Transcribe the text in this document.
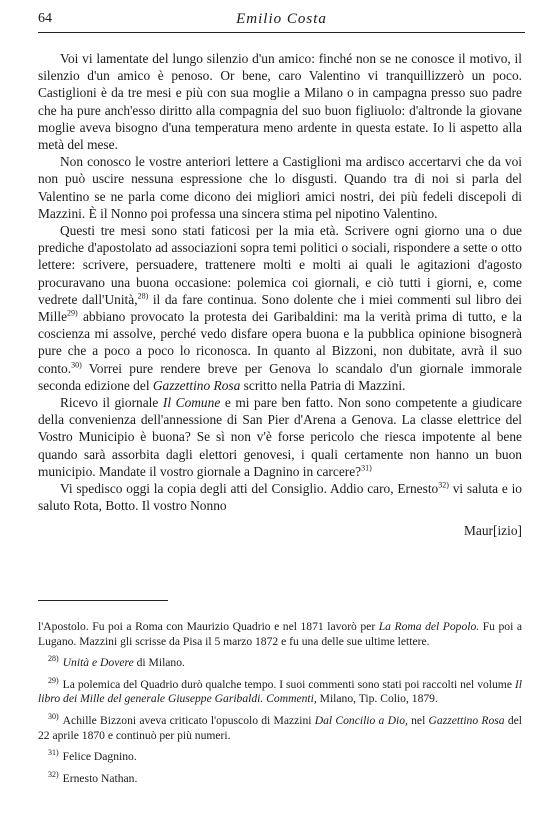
64	Emilio Costa

Voi vi lamentate del lungo silenzio d'un amico: finché non se ne conosce il motivo, il silenzio d'un amico è penoso. Or bene, caro Valentino vi tranquillizzerò un poco. Castiglioni è da tre mesi e più con sua moglie a Milano o in campagna presso suo padre che ha pure anch'esso diritto alla compagnia del suo buon figliuolo: d'altronde la giovane moglie aveva bisogno d'una temperatura meno ardente in questa estate. Io li aspetto alla metà del mese.

Non conosco le vostre anteriori lettere a Castiglioni ma ardisco accertarvi che da voi non può uscire nessuna espressione che lo disgusti. Quando tra di noi si parla del Valentino se ne parla come dicono dei migliori amici nostri, dei più fedeli discepoli di Mazzini. È il Nonno poi professa una sincera stima pel nipotino Valentino.

Questi tre mesi sono stati faticosi per la mia età. Scrivere ogni giorno una o due prediche d'apostolato ad associazioni sopra temi politici o sociali, rispondere a sette o otto lettere: scrivere, persuadere, trattenere molti e molti ai quali le agitazioni d'agosto procuravano una buona occasione: polemica coi giornali, e ciò tutti i giorni, e, come vedrete dall'Unità,$^{28)}$ il da fare continua. Sono dolente che i miei commenti sul libro dei Mille$^{29)}$ abbiano provocato la protesta dei Garibaldini: ma la verità prima di tutto, e la coscienza mi assolve, perché vedo disfare opera buona e la pubblica opinione bisognerà pure che a poco a poco lo riconosca. In quanto al Bizzoni, non dubitate, avrà il suo conto.$^{30)}$ Vorrei pure rendere breve per Genova lo scandalo d'un giornale immorale seconda edizione del Gazzettino Rosa scritto nella Patria di Mazzini.

Ricevo il giornale Il Comune e mi pare ben fatto. Non sono competente a giudicare della convenienza dell'annessione di San Pier d'Arena a Genova. La classe elettrice del Vostro Municipio è buona? Se sì non v'è forse pericolo che riesca impotente al bene quando sarà assorbita dagli elettori genovesi, i quali certamente non hanno un buon municipio. Mandate il vostro giornale a Dagnino in carcere?$^{31)}$

Vi spedisco oggi la copia degli atti del Consiglio. Addio caro, Ernesto$^{32)}$ vi saluta e io saluto Rota, Botto. Il vostro Nonno

Maur[izio]

l'Apostolo. Fu poi a Roma con Maurizio Quadrio e nel 1871 lavorò per La Roma del Popolo. Fu poi a Lugano. Mazzini gli scrisse da Pisa il 5 marzo 1872 e fu una delle sue ultime lettere.

$^{28)}$ Unità e Dovere di Milano.

$^{29)}$ La polemica del Quadrio durò qualche tempo. I suoi commenti sono stati poi raccolti nel volume Il libro dei Mille del generale Giuseppe Garibaldi. Commenti, Milano, Tip. Colio, 1879.

$^{30)}$ Achille Bizzoni aveva criticato l'opuscolo di Mazzini Dal Concilio a Dio, nel Gazzettino Rosa del 22 aprile 1870 e continuò per più numeri.

$^{31)}$ Felice Dagnino.

$^{32)}$ Ernesto Nathan.
